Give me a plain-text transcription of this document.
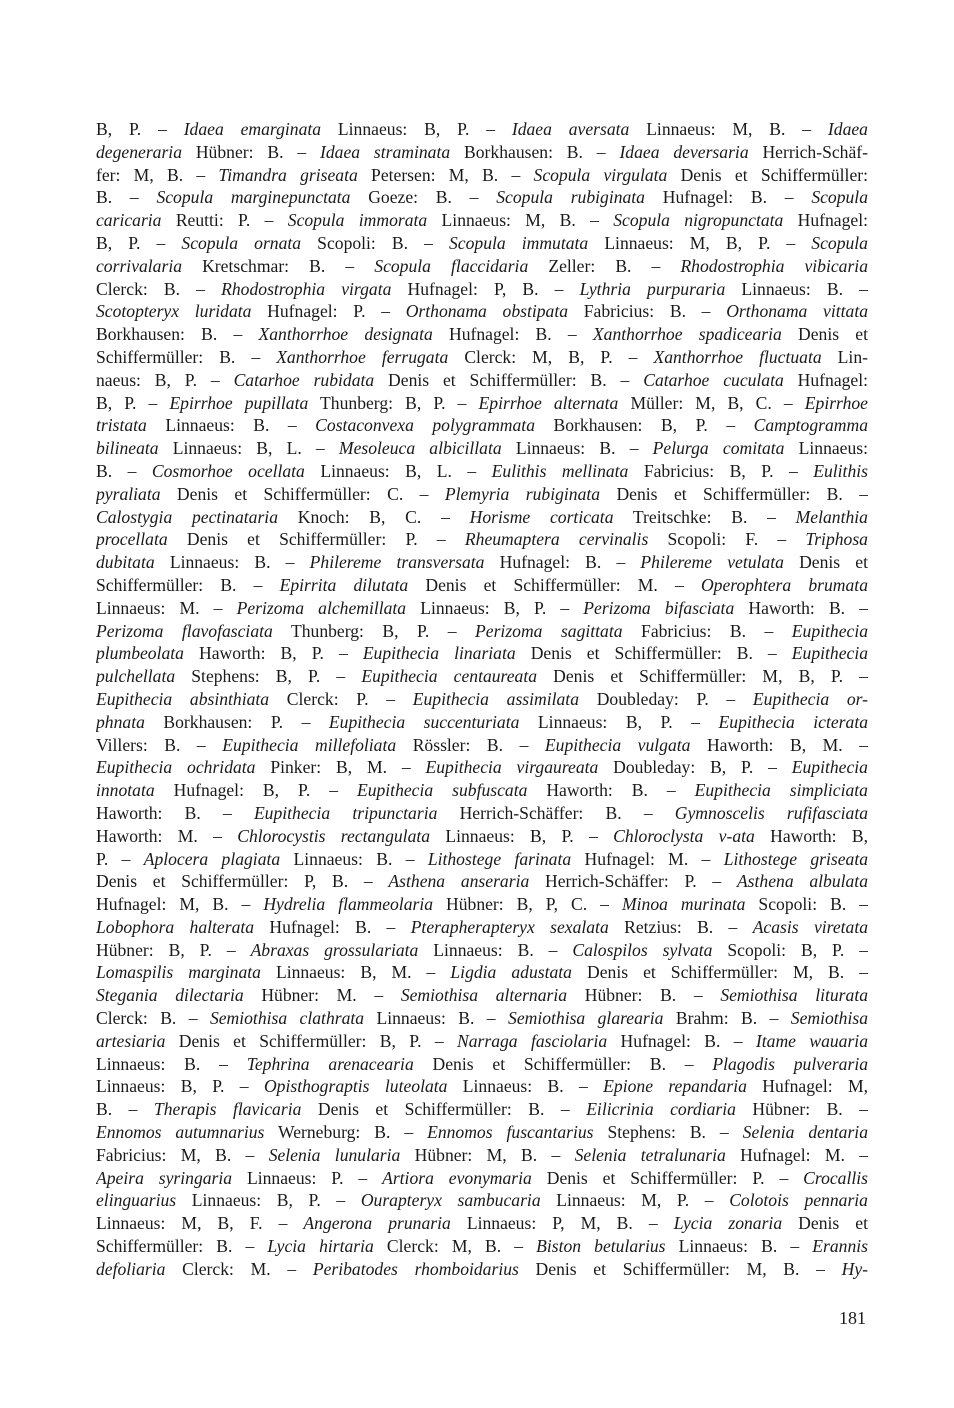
B, P. – Idaea emarginata Linnaeus: B, P. – Idaea aversata Linnaeus: M, B. – Idaea
degeneraria Hübner: B. – Idaea straminata Borkhausen: B. – Idaea deversaria Herrich-Schäf-
fer: M, B. – Timandra griseata Petersen: M, B. – Scopula virgulata Denis et Schiffermüller:
B. – Scopula marginepunctata Goeze: B. – Scopula rubiginata Hufnagel: B. – Scopula
caricaria Reutti: P. – Scopula immorata Linnaeus: M, B. – Scopula nigropunctata Hufnagel:
B, P. – Scopula ornata Scopoli: B. – Scopula immutata Linnaeus: M, B, P. – Scopula
corrivalaria Kretschmar: B. – Scopula flaccidaria Zeller: B. – Rhodostrophia vibicaria
Clerck: B. – Rhodostrophia virgata Hufnagel: P, B. – Lythria purpuraria Linnaeus: B. –
Scotopteryx luridata Hufnagel: P. – Orthonama obstipata Fabricius: B. – Orthonama vittata
Borkhausen: B. – Xanthorrhoe designata Hufnagel: B. – Xanthorrhoe spadicearia Denis et
Schiffermüller: B. – Xanthorrhoe ferrugata Clerck: M, B, P. – Xanthorrhoe fluctuata Lin-
naeus: B, P. – Catarhoe rubidata Denis et Schiffermüller: B. – Catarhoe cuculata Hufnagel:
B, P. – Epirrhoe pupillata Thunberg: B, P. – Epirrhoe alternata Müller: M, B, C. – Epirrhoe
tristata Linnaeus: B. – Costaconvexa polygrammata Borkhausen: B, P. – Camptogramma
bilineata Linnaeus: B, L. – Mesoleuca albicillata Linnaeus: B. – Pelurga comitata Linnaeus:
B. – Cosmorhoe ocellata Linnaeus: B, L. – Eulithis mellinata Fabricius: B, P. – Eulithis
pyraliata Denis et Schiffermüller: C. – Plemyria rubiginata Denis et Schiffermüller: B. –
Calostygia pectinataria Knoch: B, C. – Horisme corticata Treitschke: B. – Melanthia
procellata Denis et Schiffermüller: P. – Rheumaptera cervinalis Scopoli: F. – Triphosa
dubitata Linnaeus: B. – Philereme transversata Hufnagel: B. – Philereme vetulata Denis et
Schiffermüller: B. – Epirrita dilutata Denis et Schiffermüller: M. – Operophtera brumata
Linnaeus: M. – Perizoma alchemillata Linnaeus: B, P. – Perizoma bifasciata Haworth: B. –
Perizoma flavofasciata Thunberg: B, P. – Perizoma sagittata Fabricius: B. – Eupithecia
plumbeolata Haworth: B, P. – Eupithecia linariata Denis et Schiffermüller: B. – Eupithecia
pulchellata Stephens: B, P. – Eupithecia centaureata Denis et Schiffermüller: M, B, P. –
Eupithecia absinthiata Clerck: P. – Eupithecia assimilata Doubleday: P. – Eupithecia or-
phnata Borkhausen: P. – Eupithecia succenturiata Linnaeus: B, P. – Eupithecia icterata
Villers: B. – Eupithecia millefoliata Rössler: B. – Eupithecia vulgata Haworth: B, M. –
Eupithecia ochridata Pinker: B, M. – Eupithecia virgaureata Doubleday: B, P. – Eupithecia
innotata Hufnagel: B, P. – Eupithecia subfuscata Haworth: B. – Eupithecia simpliciata
Haworth: B. – Eupithecia tripunctaria Herrich-Schäffer: B. – Gymnoscelis rufifasciata
Haworth: M. – Chlorocystis rectangulata Linnaeus: B, P. – Chloroclysta v-ata Haworth: B,
P. – Aplocera plagiata Linnaeus: B. – Lithostege farinata Hufnagel: M. – Lithostege griseata
Denis et Schiffermüller: P, B. – Asthena anseraria Herrich-Schäffer: P. – Asthena albulata
Hufnagel: M, B. – Hydrelia flammeolaria Hübner: B, P, C. – Minoa murinata Scopoli: B. –
Lobophora halterata Hufnagel: B. – Pterapherapteryx sexalata Retzius: B. – Acasis viretata
Hübner: B, P. – Abraxas grossulariata Linnaeus: B. – Calospilos sylvata Scopoli: B, P. –
Lomaspilis marginata Linnaeus: B, M. – Ligdia adustata Denis et Schiffermüller: M, B. –
Stegania dilectaria Hübner: M. – Semiothisa alternaria Hübner: B. – Semiothisa liturata
Clerck: B. – Semiothisa clathrata Linnaeus: B. – Semiothisa glarearia Brahm: B. – Semiothisa
artesiaria Denis et Schiffermüller: B, P. – Narraga fasciolaria Hufnagel: B. – Itame wauaria
Linnaeus: B. – Tephrina arenacearia Denis et Schiffermüller: B. – Plagodis pulveraria
Linnaeus: B, P. – Opisthograptis luteolata Linnaeus: B. – Epione repandaria Hufnagel: M,
B. – Therapis flavicaria Denis et Schiffermüller: B. – Eilicrinia cordiaria Hübner: B. –
Ennomos autumnarius Werneburg: B. – Ennomos fuscantarius Stephens: B. – Selenia dentaria
Fabricius: M, B. – Selenia lunularia Hübner: M, B. – Selenia tetralunaria Hufnagel: M. –
Apeira syringaria Linnaeus: P. – Artiora evonymaria Denis et Schiffermüller: P. – Crocallis
elinguarius Linnaeus: B, P. – Ourapteryx sambucaria Linnaeus: M, P. – Colotois pennaria
Linnaeus: M, B, F. – Angerona prunaria Linnaeus: P, M, B. – Lycia zonaria Denis et
Schiffermüller: B. – Lycia hirtaria Clerck: M, B. – Biston betularius Linnaeus: B. – Erannis
defoliaria Clerck: M. – Peribatodes rhomboidarius Denis et Schiffermüller: M, B. – Hy-
181
